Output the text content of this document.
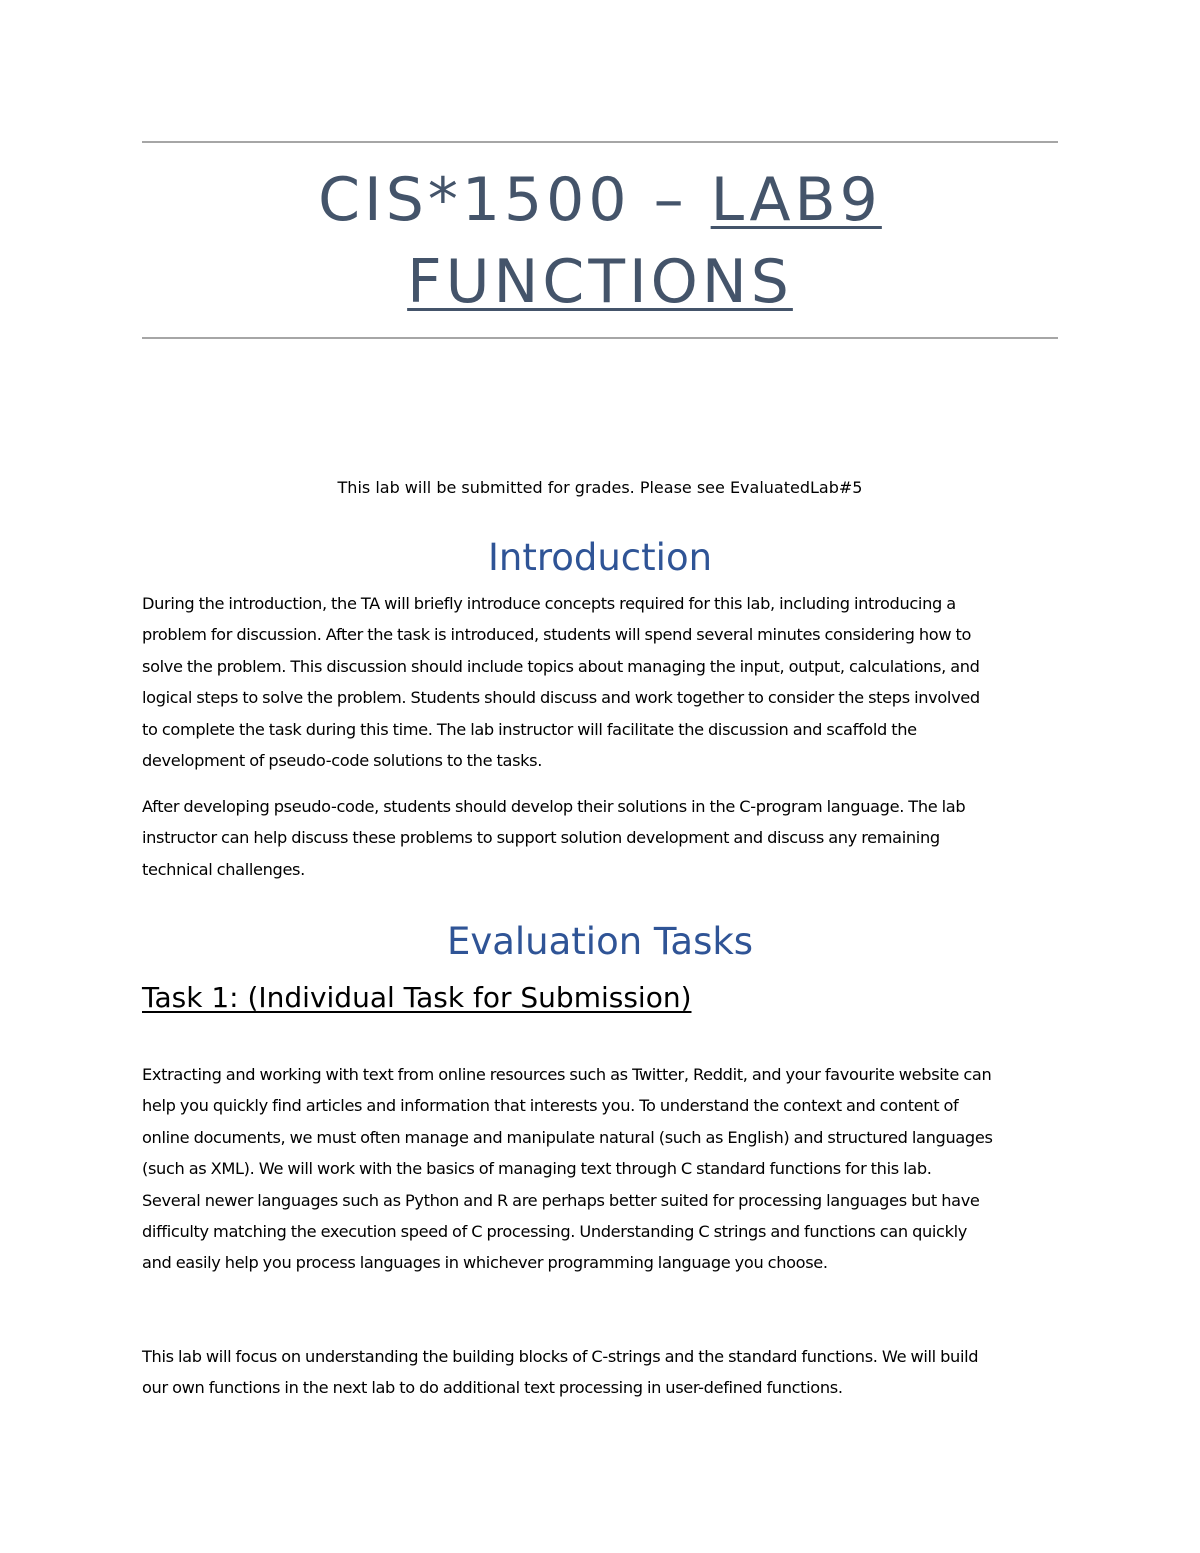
CIS*1500 – LAB9
FUNCTIONS
This lab will be submitted for grades. Please see EvaluatedLab#5
Introduction
During the introduction, the TA will briefly introduce concepts required for this lab, including introducing a
problem for discussion. After the task is introduced, students will spend several minutes considering how to
solve the problem. This discussion should include topics about managing the input, output, calculations, and
logical steps to solve the problem. Students should discuss and work together to consider the steps involved
to complete the task during this time. The lab instructor will facilitate the discussion and scaffold the
development of pseudo-code solutions to the tasks.
After developing pseudo-code, students should develop their solutions in the C-program language. The lab
instructor can help discuss these problems to support solution development and discuss any remaining
technical challenges.
Evaluation Tasks
Task 1: (Individual Task for Submission)
Extracting and working with text from online resources such as Twitter, Reddit, and your favourite website can
help you quickly find articles and information that interests you. To understand the context and content of
online documents, we must often manage and manipulate natural (such as English) and structured languages
(such as XML). We will work with the basics of managing text through C standard functions for this lab.
Several newer languages such as Python and R are perhaps better suited for processing languages but have
difficulty matching the execution speed of C processing. Understanding C strings and functions can quickly
and easily help you process languages in whichever programming language you choose.
This lab will focus on understanding the building blocks of C-strings and the standard functions. We will build
our own functions in the next lab to do additional text processing in user-defined functions.
